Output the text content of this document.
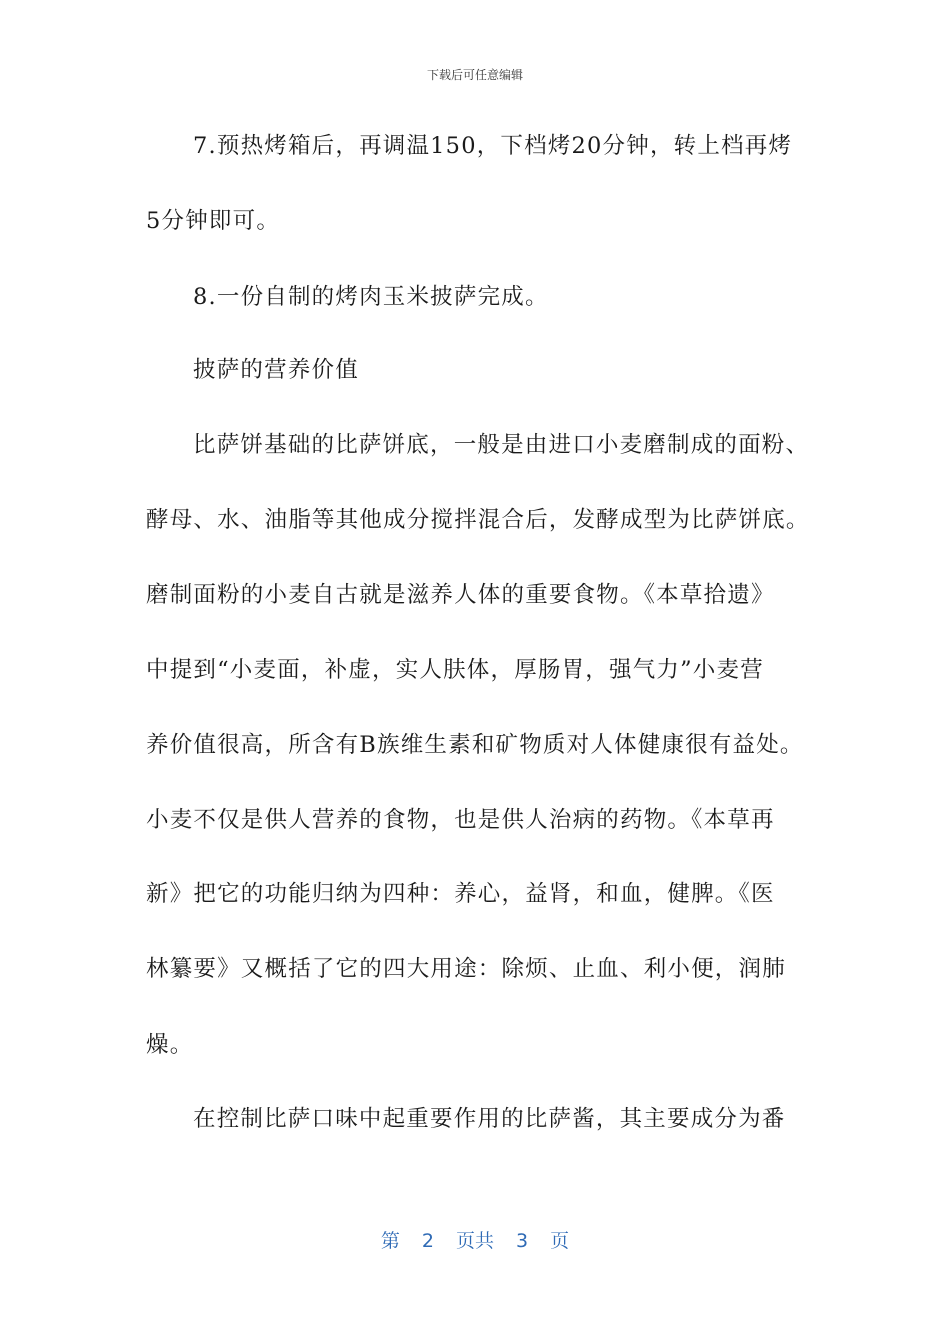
下载后可任意编辑
7.预热烤箱后，再调温150，下档烤20分钟，转上档再烤
5分钟即可。
8.一份自制的烤肉玉米披萨完成。
披萨的营养价值
比萨饼基础的比萨饼底，一般是由进口小麦磨制成的面粉、
酵母、水、油脂等其他成分搅拌混合后，发酵成型为比萨饼底。
磨制面粉的小麦自古就是滋养人体的重要食物。《本草拾遗》
中提到“小麦面，补虚，实人肤体，厚肠胃，强气力”小麦营
养价值很高，所含有B族维生素和矿物质对人体健康很有益处。
小麦不仅是供人营养的食物，也是供人治病的药物。《本草再
新》把它的功能归纳为四种：养心，益肾，和血，健脾。《医
林纂要》又概括了它的四大用途：除烦、止血、利小便，润肺
燥。
在控制比萨口味中起重要作用的比萨酱，其主要成分为番
第 2 页共 3 页
